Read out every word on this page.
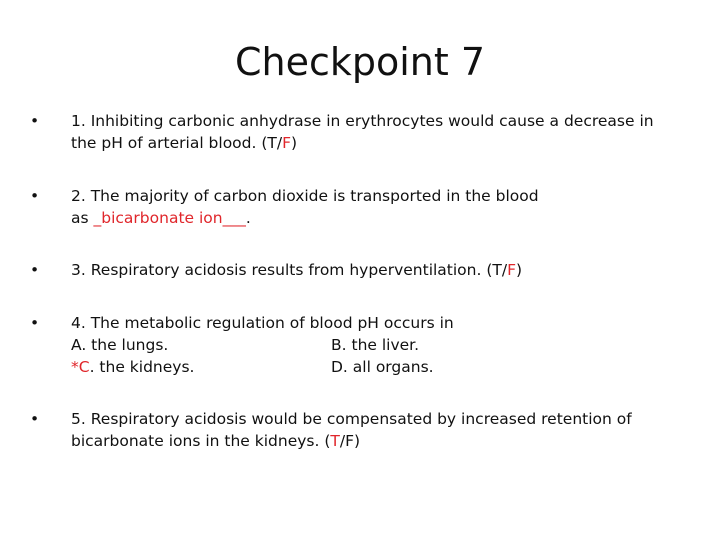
Checkpoint 7
• 1. Inhibiting carbonic anhydrase in erythrocytes would cause a decrease in
the pH of arterial blood. (T/F)
• 2. The majority of carbon dioxide is transported in the blood
as _bicarbonate ion___.
• 3. Respiratory acidosis results from hyperventilation. (T/F)
• 4. The metabolic regulation of blood pH occurs in
A. the lungs.	B. the liver.
*C. the kidneys.	D. all organs.
• 5. Respiratory acidosis would be compensated by increased retention of
bicarbonate ions in the kidneys. (T/F)
